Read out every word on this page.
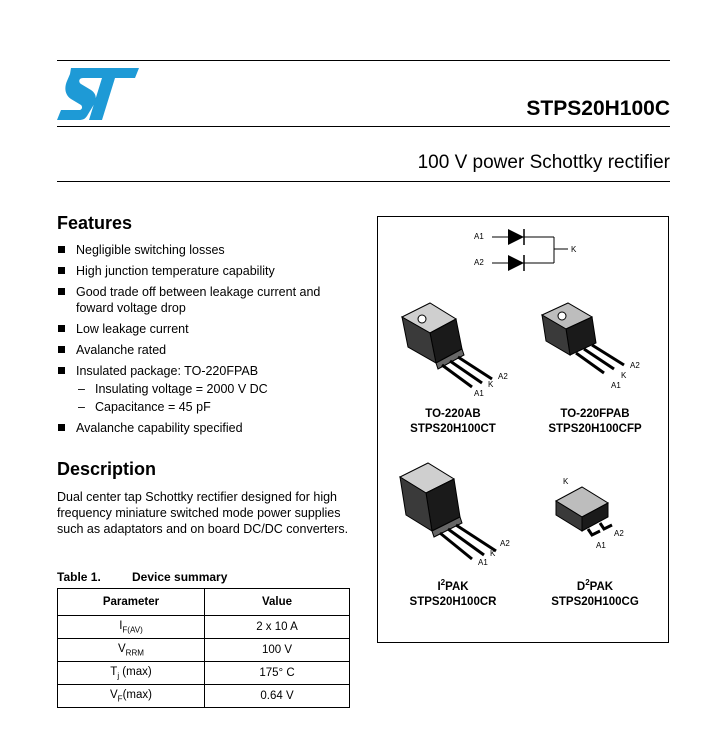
STPS20H100C
100 V power Schottky rectifier
Features
Negligible switching losses
High junction temperature capability
Good trade off between leakage current and foward voltage drop
Low leakage current
Avalanche rated
Insulated package: TO-220FPAB
– Insulating voltage = 2000 V DC
– Capacitance = 45 pF
Avalanche capability specified
Description
Dual center tap Schottky rectifier designed for high frequency miniature switched mode power supplies such as adaptators and on board DC/DC converters.
Table 1.	Device summary
Parameter	Value
$I_{F(AV)}$	2 x 10 A
$V_{RRM}$	100 V
$T_j$ (max)	175° C
$V_F(\max)$	0.64 V
A1
A2
K
A2
K
A1
TO-220AB
STPS20H100CT
A2
K
A1
TO-220FPAB
STPS20H100CFP
A2
K
A1
$I^2PAK$
STPS20H100CR
K
A2
A1
$D^2PAK$
STPS20H100CG
